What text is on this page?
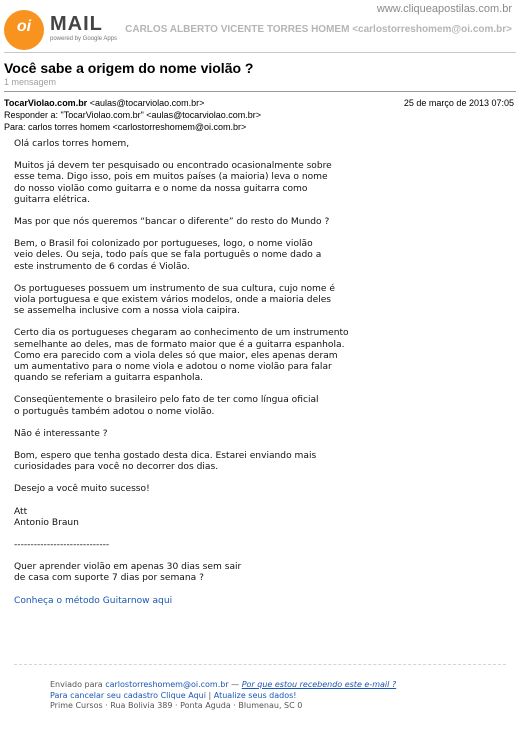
www.cliqueapostilas.com.br
oi MAIL
powered by Google Apps
CARLOS ALBERTO VICENTE TORRES HOMEM <carlostorreshomem@oi.com.br>
Você sabe a origem do nome violão ?
1 mensagem
TocarViolao.com.br <aulas@tocarviolao.com.br>	25 de março de 2013 07:05
Responder a: "TocarViolao.com.br" <aulas@tocarviolao.com.br>
Para: carlos torres homem <carlostorreshomem@oi.com.br>

Olá carlos torres homem,

Muitos já devem ter pesquisado ou encontrado ocasionalmente sobre
esse tema. Digo isso, pois em muitos países (a maioria) leva o nome
do nosso violão como guitarra e o nome da nossa guitarra como
guitarra elétrica.

Mas por que nós queremos “bancar o diferente” do resto do Mundo ?

Bem, o Brasil foi colonizado por portugueses, logo, o nome violão
veio deles. Ou seja, todo país que se fala português o nome dado a
este instrumento de 6 cordas é Violão.

Os portugueses possuem um instrumento de sua cultura, cujo nome é
viola portuguesa e que existem vários modelos, onde a maioria deles
se assemelha inclusive com a nossa viola caipira.

Certo dia os portugueses chegaram ao conhecimento de um instrumento
semelhante ao deles, mas de formato maior que é a guitarra espanhola.
Como era parecido com a viola deles só que maior, eles apenas deram
um aumentativo para o nome viola e adotou o nome violão para falar
quando se referiam a guitarra espanhola.

Conseqüentemente o brasileiro pelo fato de ter como língua oficial
o português também adotou o nome violão.

Não é interessante ?

Bom, espero que tenha gostado desta dica. Estarei enviando mais
curiosidades para você no decorrer dos dias.

Desejo a você muito sucesso!

Att
Antonio Braun

-----------------------------

Quer aprender violão em apenas 30 dias sem sair
de casa com suporte 7 dias por semana ?

Conheça o método Guitarnow aqui

Enviado para carlostorreshomem@oi.com.br — Por que estou recebendo este e-mail ?
Para cancelar seu cadastro Clique Aqui | Atualize seus dados!
Prime Cursos · Rua Bolivia 389 · Ponta Aguda · Blumenau, SC 0
